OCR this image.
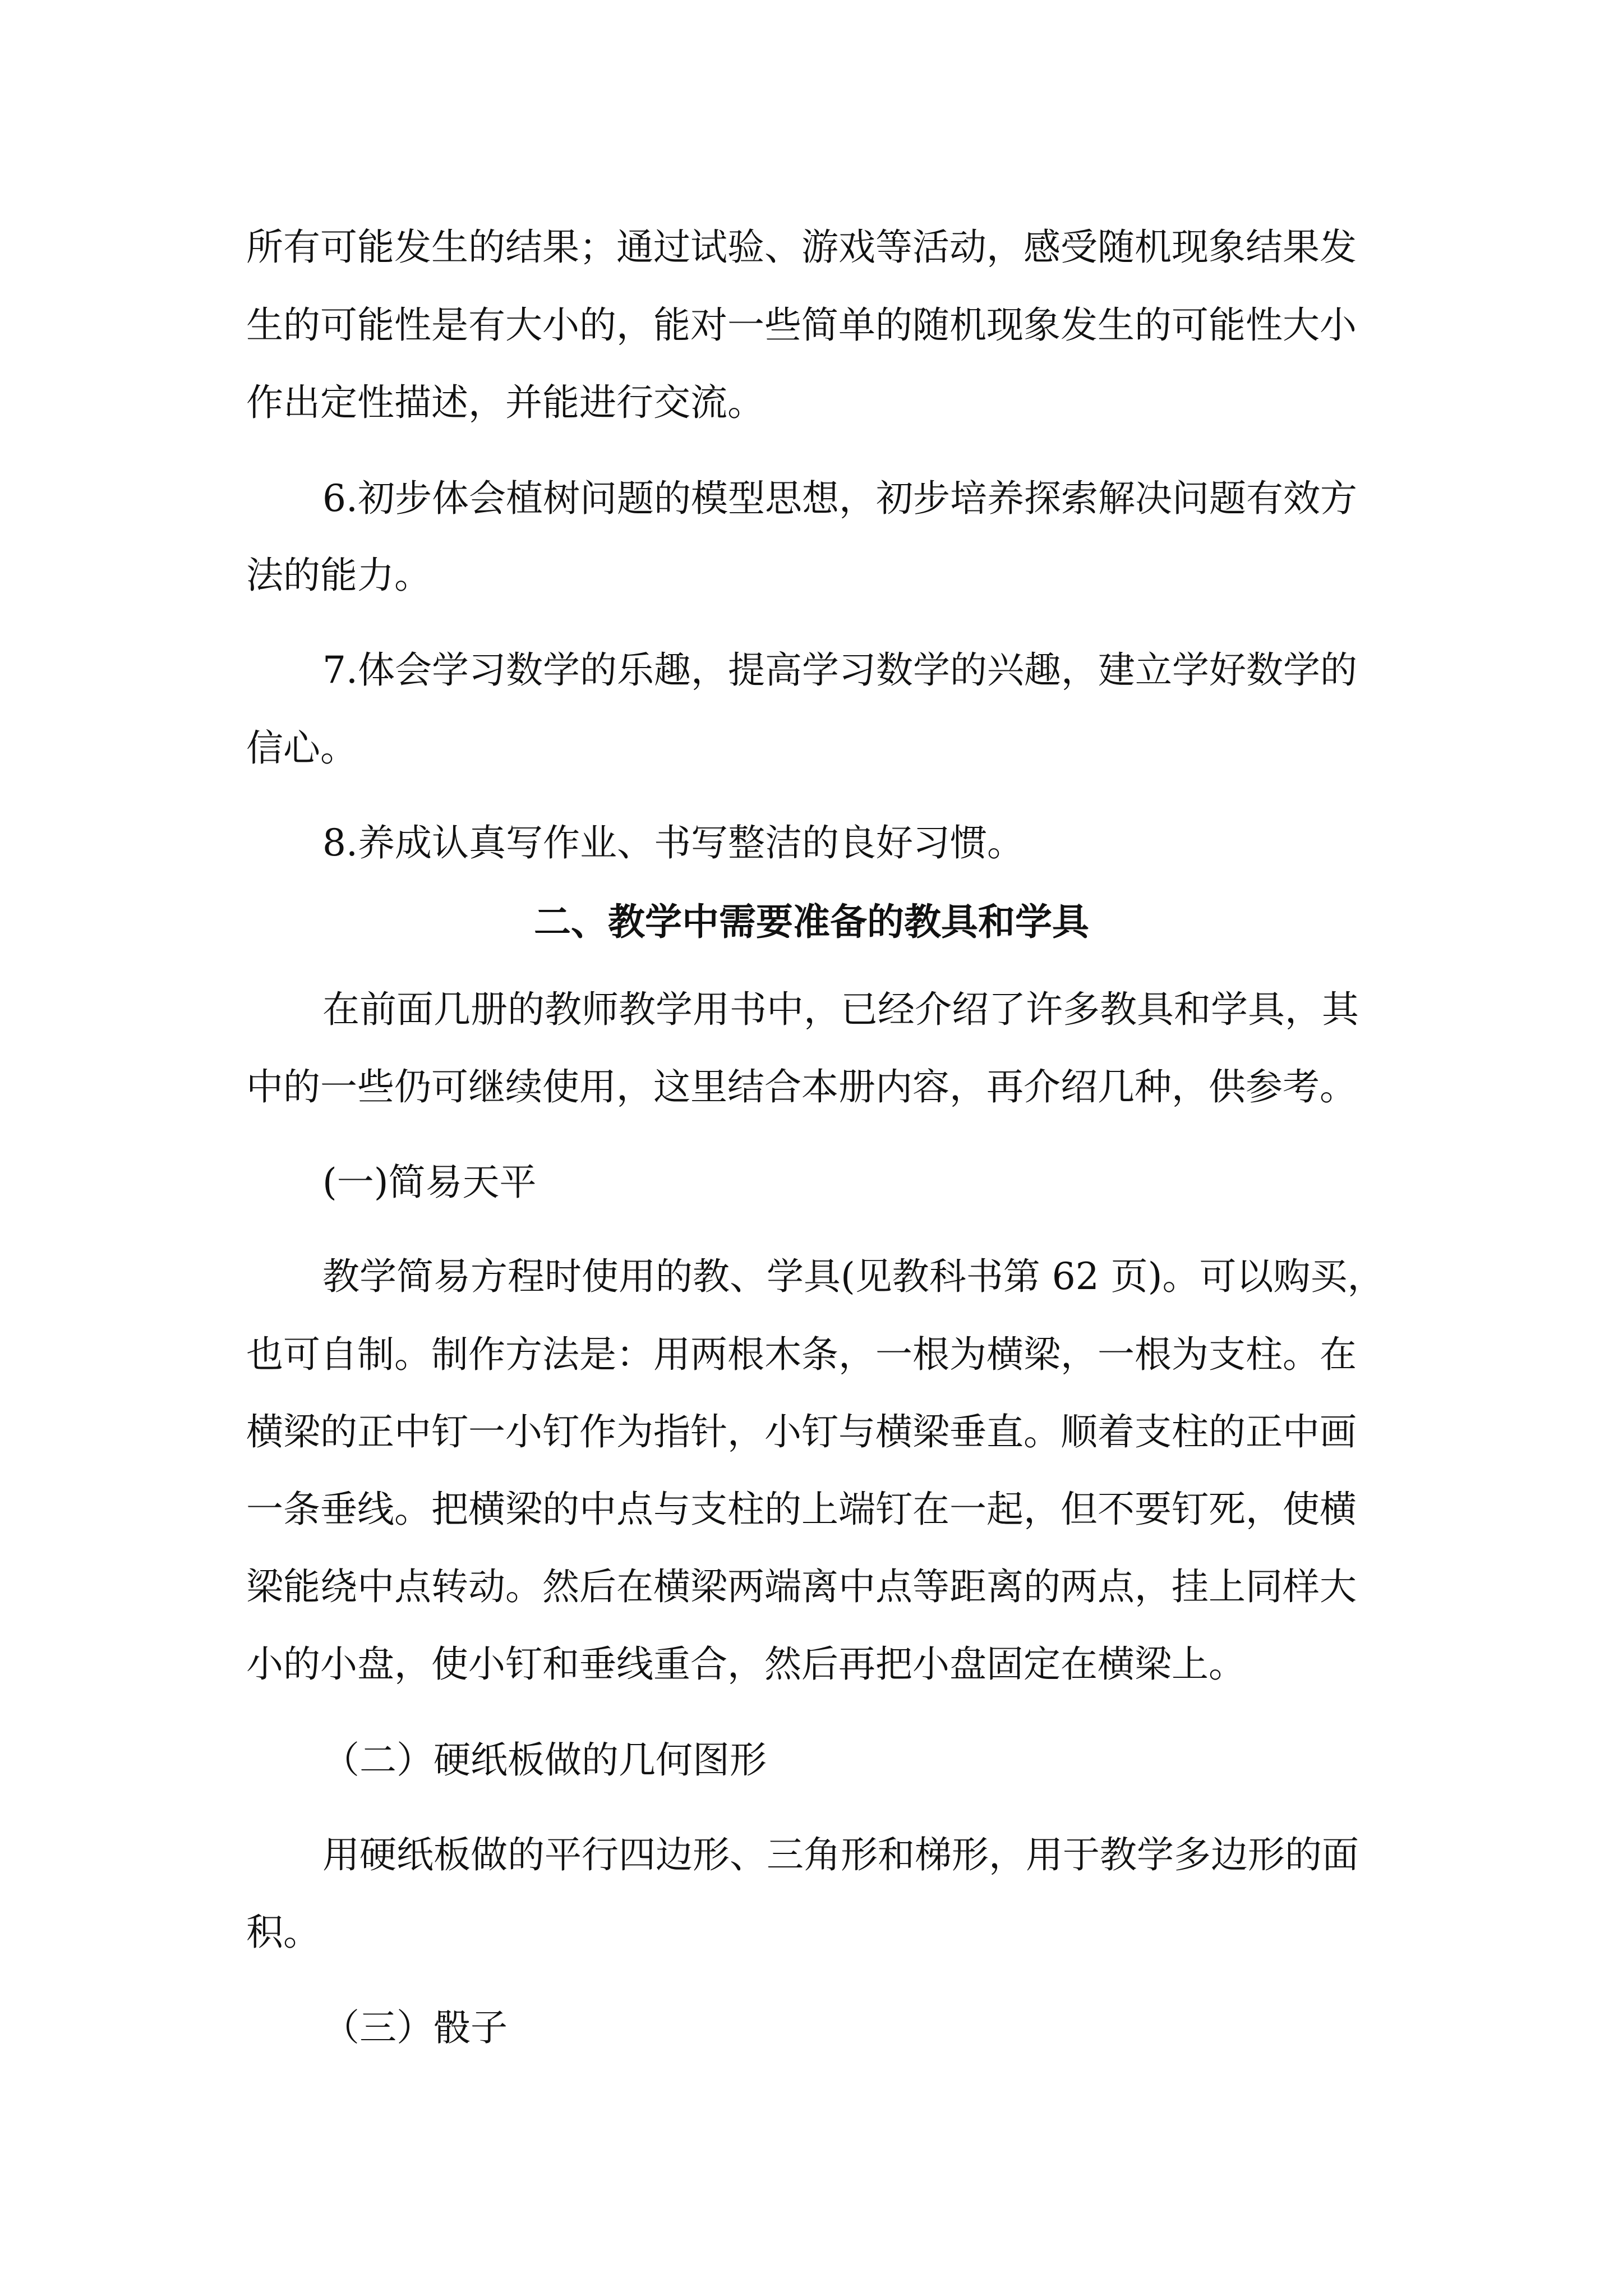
所有可能发生的结果；通过试验、游戏等活动，感受随机现象结果发
生的可能性是有大小的，能对一些简单的随机现象发生的可能性大小
作出定性描述，并能进行交流。
6.初步体会植树问题的模型思想，初步培养探索解决问题有效方
法的能力。
7.体会学习数学的乐趣，提高学习数学的兴趣，建立学好数学的
信心。
8.养成认真写作业、书写整洁的良好习惯。
二、教学中需要准备的教具和学具
在前面几册的教师教学用书中，已经介绍了许多教具和学具，其
中的一些仍可继续使用，这里结合本册内容，再介绍几种，供参考。
(一)简易天平
教学简易方程时使用的教、学具(见教科书第 62 页)。可以购买，
也可自制。制作方法是：用两根木条，一根为横梁，一根为支柱。在
横梁的正中钉一小钉作为指针，小钉与横梁垂直。顺着支柱的正中画
一条垂线。把横梁的中点与支柱的上端钉在一起，但不要钉死，使横
梁能绕中点转动。然后在横梁两端离中点等距离的两点，挂上同样大
小的小盘，使小钉和垂线重合，然后再把小盘固定在横梁上。
（二）硬纸板做的几何图形
用硬纸板做的平行四边形、三角形和梯形，用于教学多边形的面
积。
（三）骰子
